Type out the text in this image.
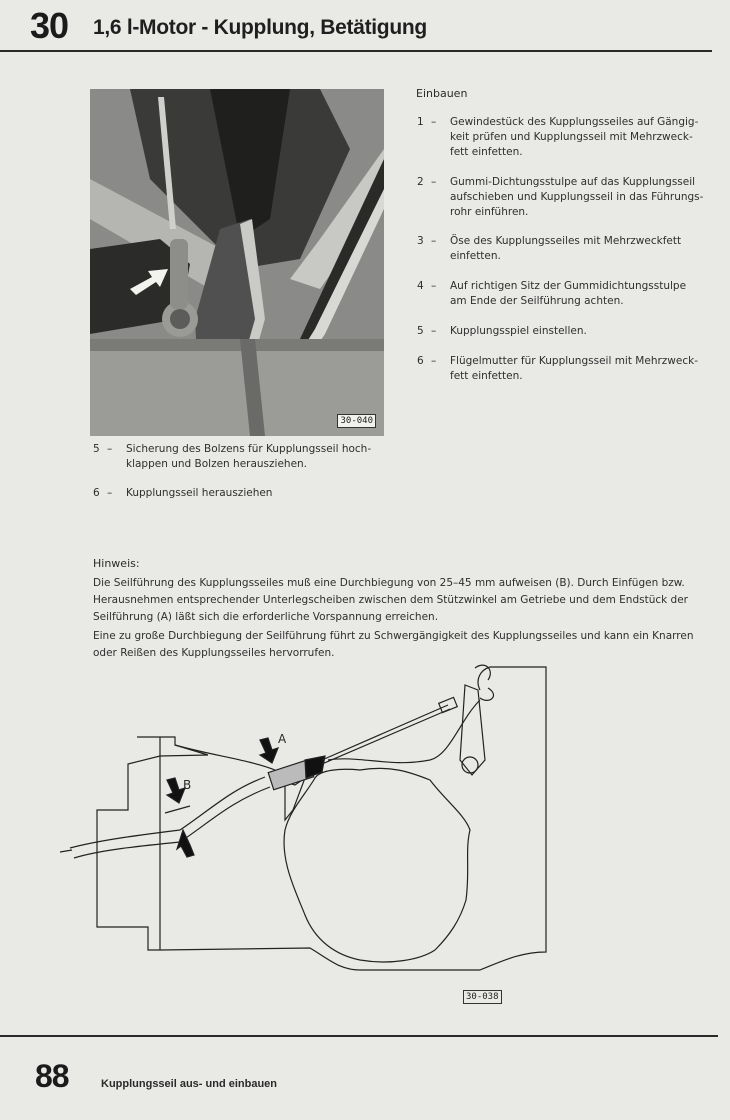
30 1,6 l-Motor - Kupplung, Betätigung
30-040
5 – Sicherung des Bolzens für Kupplungsseil hoch-
klappen und Bolzen herausziehen.
6 – Kupplungsseil herausziehen
Einbauen
1 – Gewindestück des Kupplungsseiles auf Gängig-
keit prüfen und Kupplungsseil mit Mehrzweck-
fett einfetten.
2 – Gummi-Dichtungsstulpe auf das Kupplungsseil
aufschieben und Kupplungsseil in das Führungs-
rohr einführen.
3 – Öse des Kupplungsseiles mit Mehrzweckfett
einfetten.
4 – Auf richtigen Sitz der Gummidichtungsstulpe
am Ende der Seilführung achten.
5 – Kupplungsspiel einstellen.
6 – Flügelmutter für Kupplungsseil mit Mehrzweck-
fett einfetten.
Hinweis:
Die Seilführung des Kupplungsseiles muß eine Durchbiegung von 25–45 mm aufweisen (B). Durch Einfügen bzw.
Herausnehmen entsprechender Unterlegscheiben zwischen dem Stützwinkel am Getriebe und dem Endstück der
Seilführung (A) läßt sich die erforderliche Vorspannung erreichen.
Eine zu große Durchbiegung der Seilführung führt zu Schwergängigkeit des Kupplungsseiles und kann ein Knarren
oder Reißen des Kupplungsseiles hervorrufen.
A
B
30-038
88	Kupplungsseil aus- und einbauen
